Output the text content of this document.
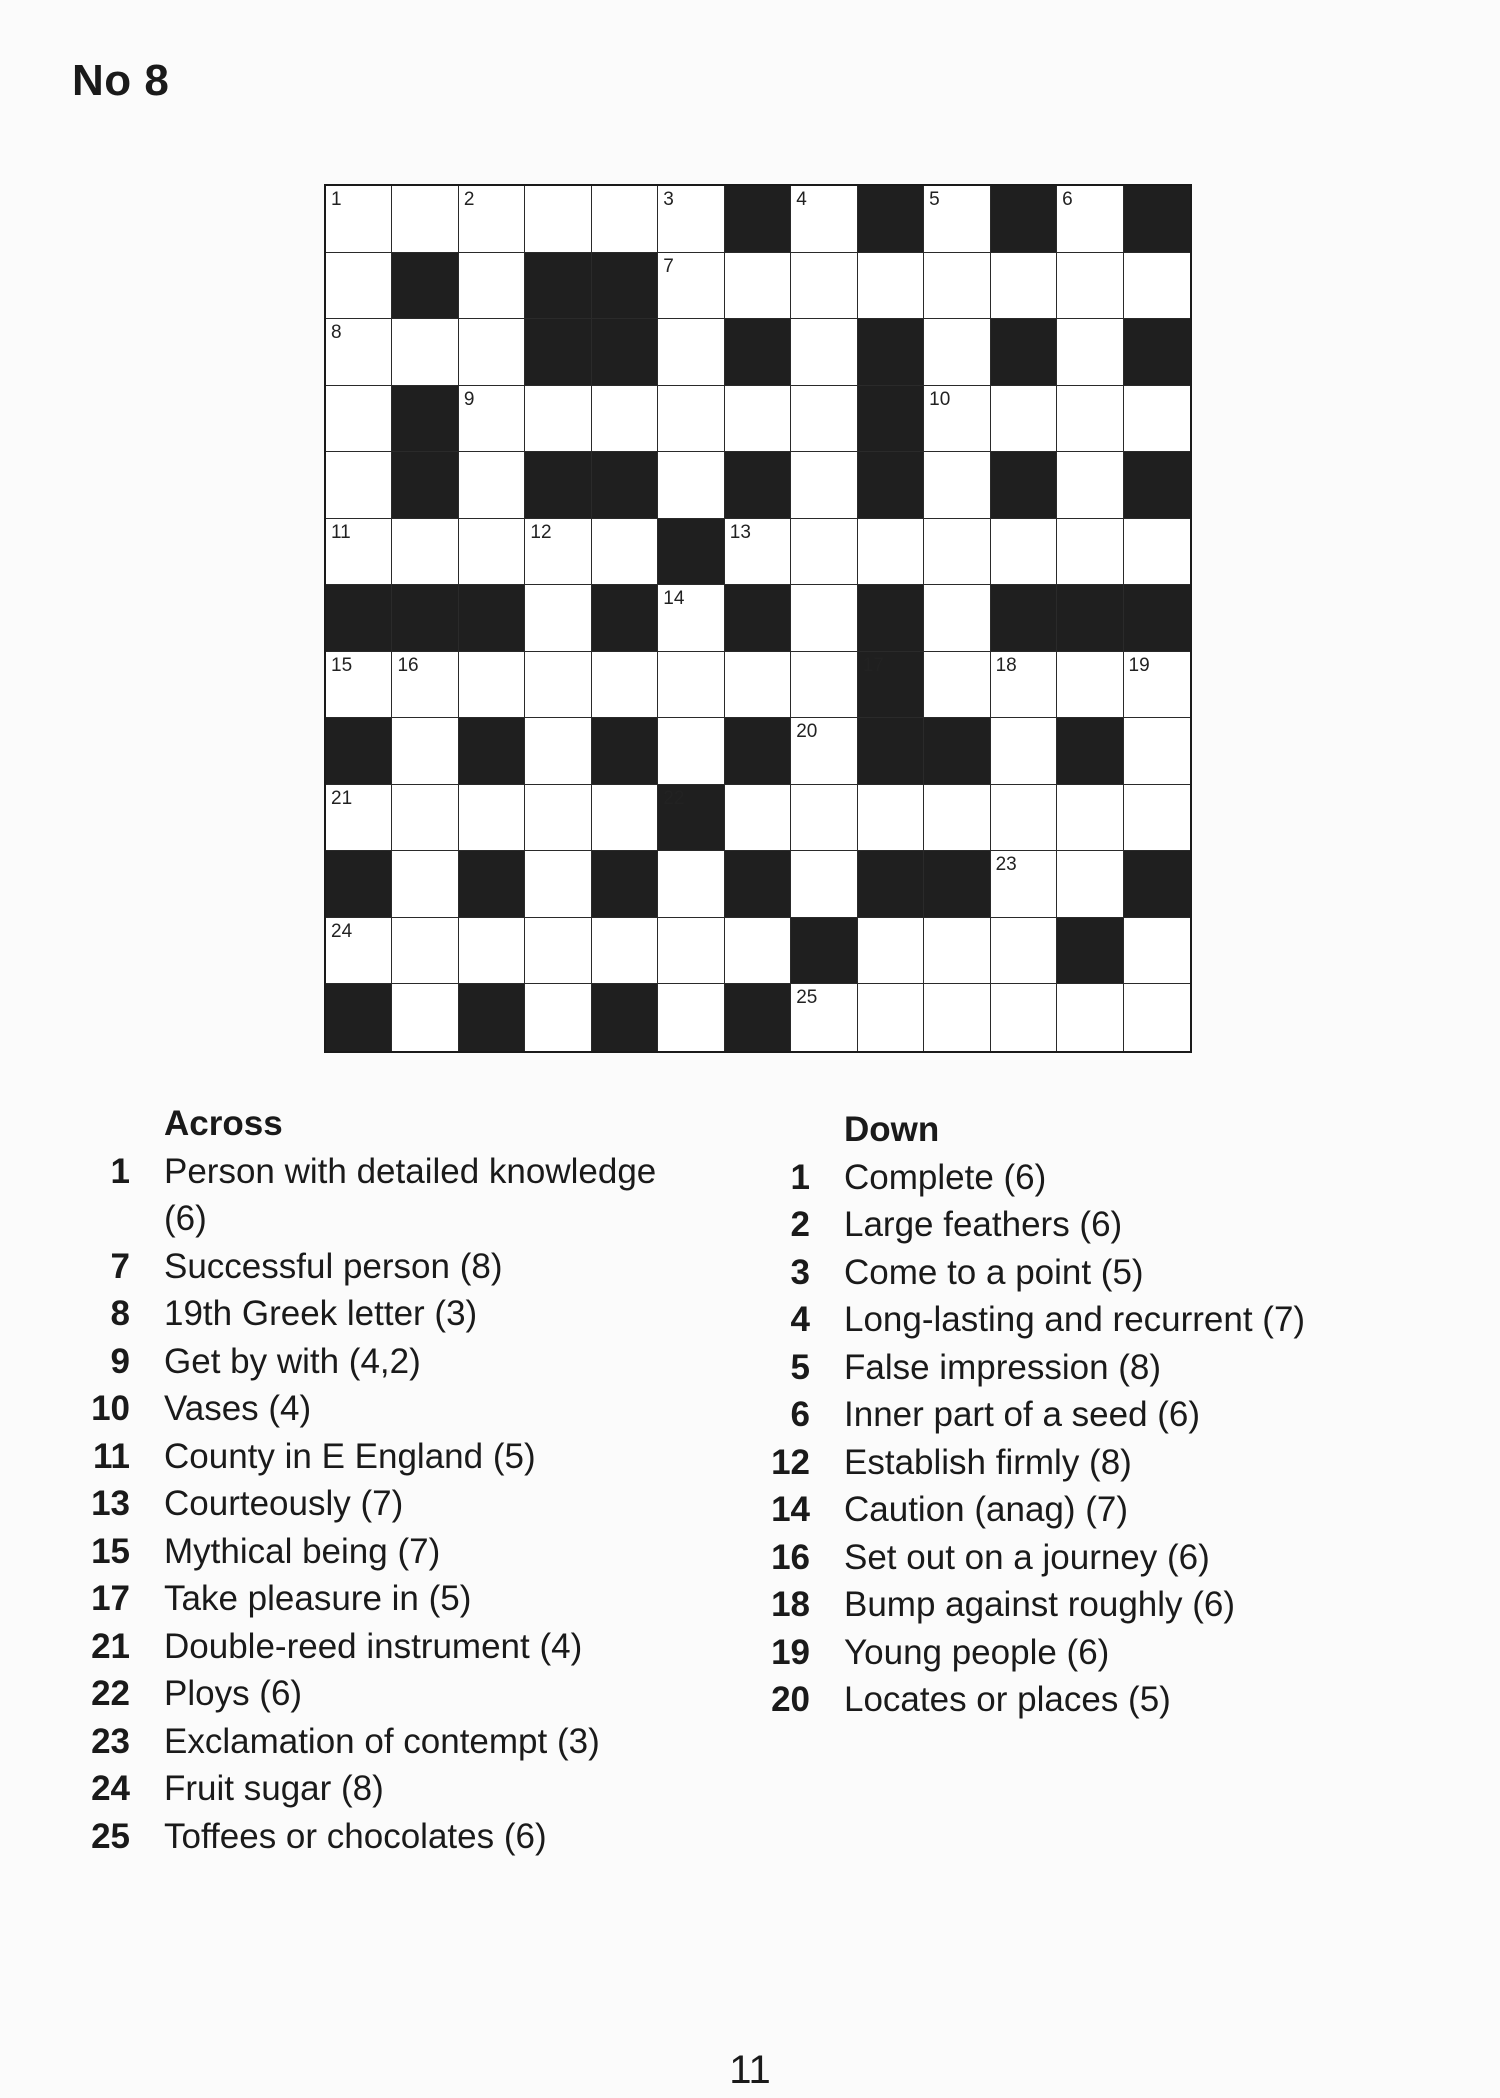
No 8
1	2	3	4	5	6
7
8
9	10
11	12	13
14
15 16	17	18	19
20
21	22
23
24
25
Across
1 Person with detailed knowledge (6)
7 Successful person (8)
8 19th Greek letter (3)
9 Get by with (4,2)
10 Vases (4)
11 County in E England (5)
13 Courteously (7)
15 Mythical being (7)
17 Take pleasure in (5)
21 Double-reed instrument (4)
22 Ploys (6)
23 Exclamation of contempt (3)
24 Fruit sugar (8)
25 Toffees or chocolates (6)
Down
1 Complete (6)
2 Large feathers (6)
3 Come to a point (5)
4 Long-lasting and recurrent (7)
5 False impression (8)
6 Inner part of a seed (6)
12 Establish firmly (8)
14 Caution (anag) (7)
16 Set out on a journey (6)
18 Bump against roughly (6)
19 Young people (6)
20 Locates or places (5)
11
